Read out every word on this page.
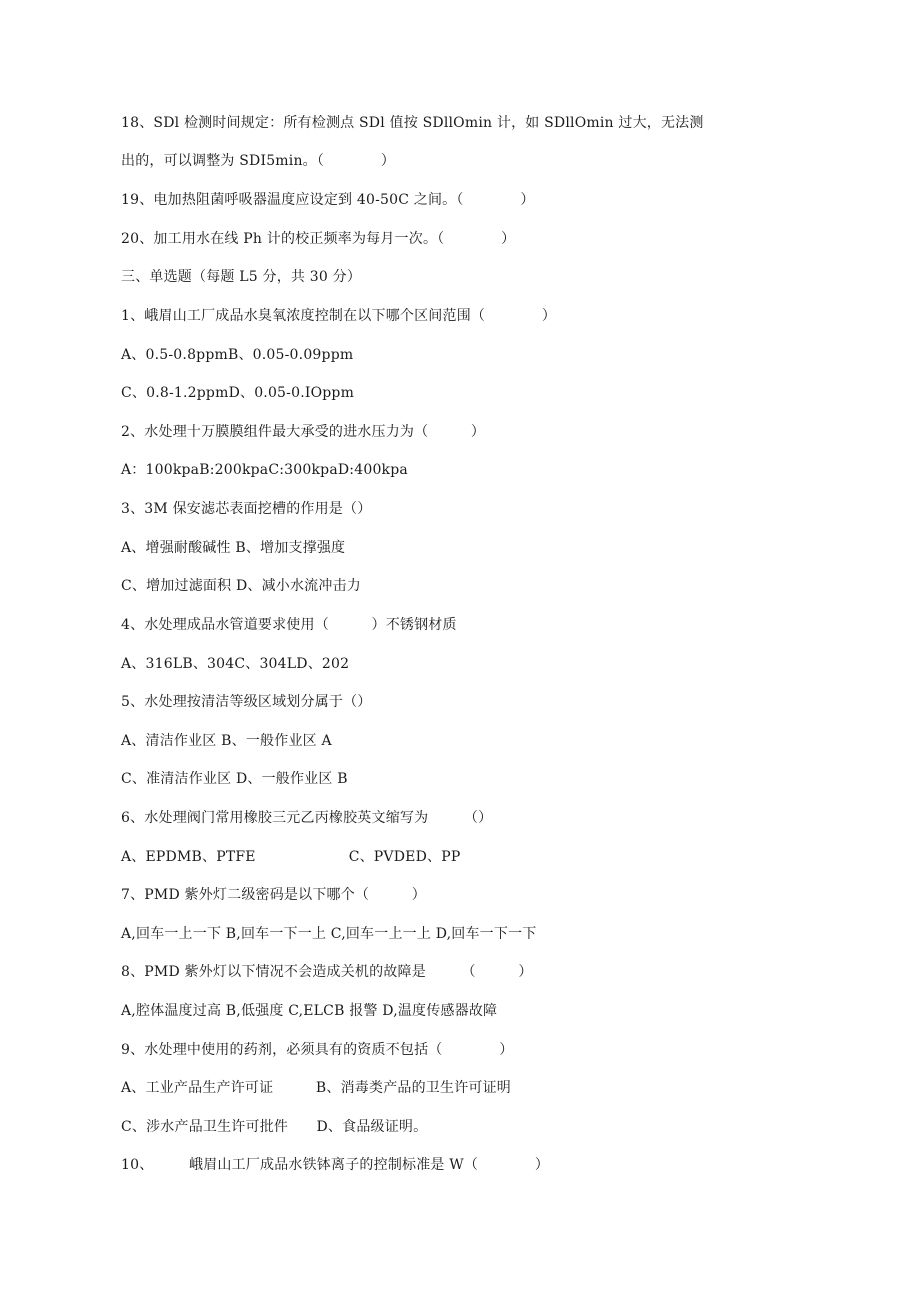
18、SDl 检测时间规定：所有检测点 SDl 值按 SDllOmin 计，如 SDllOmin 过大，无法测
出的，可以调整为 SDI5min。（　　　　）
19、电加热阻菌呼吸器温度应设定到 40-50C 之间。（　　　　）
20、加工用水在线 Ph 计的校正频率为每月一次。（　　　　）
三、单选题（每题 L5 分，共 30 分）
1、峨眉山工厂成品水臭氧浓度控制在以下哪个区间范围（　　　　）
A、0.5-0.8ppmB、0.05-0.09ppm
C、0.8-1.2ppmD、0.05-0.IOppm
2、水处理十万膜膜组件最大承受的进水压力为（　　　）
A：100kpaB:200kpaC:300kpaD:400kpa
3、3M 保安滤芯表面挖槽的作用是（）
A、增强耐酸碱性 B、增加支撑强度
C、增加过滤面积 D、减小水流冲击力
4、水处理成品水管道要求使用（　　　）不锈钢材质
A、316LB、304C、304LD、202
5、水处理按清洁等级区域划分属于（）
A、清洁作业区 B、一般作业区 A
C、准清洁作业区 D、一般作业区 B
6、水处理阀门常用橡胶三元乙丙橡胶英文缩写为　　　（）
A、EPDMB、PTFE                    C、PVDED、PP
7、PMD 紫外灯二级密码是以下哪个（　　　）
A,回车一上一下 B,回车一下一上 C,回车一上一上 D,回车一下一下
8、PMD 紫外灯以下情况不会造成关机的故障是　　　（　　　）
A,腔体温度过高 B,低强度 C,ELCB 报警 D,温度传感器故障
9、水处理中使用的药剂，必须具有的资质不包括（　　　　）
A、工业产品生产许可证　　　B、消毒类产品的卫生许可证明
C、涉水产品卫生许可批件　　D、食品级证明。
10、　　　峨眉山工厂成品水铁钵离子的控制标准是 W（　　　　）
